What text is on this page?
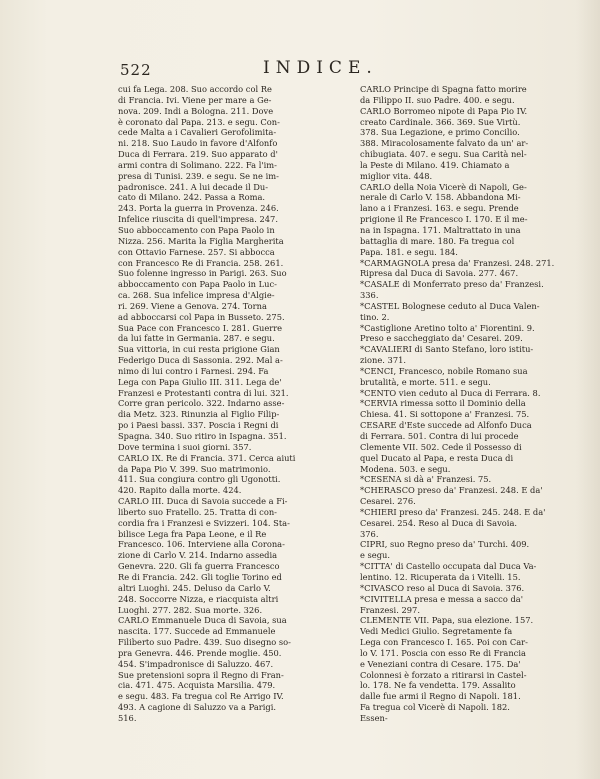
522	INDICE.
cui fa Lega. 208. Suo accordo col Re
di Francia. Ivi. Viene per mare a Ge-
nova. 209. Indi a Bologna. 211. Dove
è coronato dal Papa. 213. e segu. Con-
cede Malta a i Cavalieri Gerofolimita-
ni. 218. Suo Laudo in favore d'Alfonfo
Duca di Ferrara. 219. Suo apparato d'
armi contra di Solimano. 222. Fa l'im-
presa di Tunisi. 239. e segu. Se ne im-
padronisce. 241. A lui decade il Du-
cato di Milano. 242. Passa a Roma.
243. Porta la guerra in Provenza. 246.
Infelice riuscita di quell'impresa. 247.
Suo abboccamento con Papa Paolo in
Nizza. 256. Marita la Figlia Margherita
con Ottavio Farnese. 257. Si abbocca
con Francesco Re di Francia. 258. 261.
Suo folenne ingresso in Parigi. 263. Suo
abboccamento con Papa Paolo in Luc-
ca. 268. Sua infelice impresa d'Algie-
ri. 269. Viene a Genova. 274. Torna
ad abboccarsi col Papa in Busseto. 275.
Sua Pace con Francesco I. 281. Guerre
da lui fatte in Germania. 287. e segu.
Sua vittoria, in cui resta prigione Gian
Federigo Duca di Sassonia. 292. Mal a-
nimo di lui contro i Farnesi. 294. Fa
Lega con Papa Giulio III. 311. Lega de'
Franzesi e Protestanti contra di lui. 321.
Corre gran pericolo. 322. Indarno asse-
dia Metz. 323. Rinunzia al Figlio Filip-
po i Paesi bassi. 337. Poscia i Regni di
Spagna. 340. Suo ritiro in Ispagna. 351.
Dove termina i suoi giorni. 357.
CARLO IX. Re di Francia. 371. Cerca aiuti
da Papa Pio V. 399. Suo matrimonio.
411. Sua congiura contro gli Ugonotti.
420. Rapito dalla morte. 424.
CARLO III. Duca di Savoia succede a Fi-
liberto suo Fratello. 25. Tratta di con-
cordia fra i Franzesi e Svizzeri. 104. Sta-
bilisce Lega fra Papa Leone, e il Re
Francesco. 106. Interviene alla Corona-
zione di Carlo V. 214. Indarno assedia
Genevra. 220. Gli fa guerra Francesco
Re di Francia. 242. Gli toglie Torino ed
altri Luoghi. 245. Deluso da Carlo V.
248. Soccorre Nizza, e riacquista altri
Luoghi. 277. 282. Sua morte. 326.
CARLO Emmanuele Duca di Savoia, sua
nascita. 177. Succede ad Emmanuele
Filiberto suo Padre. 439. Suo disegno so-
pra Genevra. 446. Prende moglie. 450.
454. S'impadronisce di Saluzzo. 467.
Sue pretensioni sopra il Regno di Fran-
cia. 471. 475. Acquista Marsilia. 479.
e segu. 483. Fa tregua col Re Arrigo IV.
493. A cagione di Saluzzo va a Parigi.
516.
CARLO Principe di Spagna fatto morire
da Filippo II. suo Padre. 400. e segu.
CARLO Borromeo nipote di Papa Pio IV.
creato Cardinale. 366. 369. Sue Virtù.
378. Sua Legazione, e primo Concilio.
388. Miracolosamente falvato da un' ar-
chibugiata. 407. e segu. Sua Carità nel-
la Peste di Milano. 419. Chiamato a
miglior vita. 448.
CARLO della Noia Vicerè di Napoli, Ge-
nerale di Carlo V. 158. Abbandona Mi-
lano a i Franzesi. 163. e segu. Prende
prigione il Re Francesco I. 170. E il me-
na in Ispagna. 171. Maltrattato in una
battaglia di mare. 180. Fa tregua col
Papa. 181. e segu. 184.
*CARMAGNOLA presa da' Franzesi. 248. 271.
Ripresa dal Duca di Savoia. 277. 467.
*CASALE di Monferrato preso da' Franzesi.
336.
*CASTEL Bolognese ceduto al Duca Valen-
tino. 2.
*Castiglione Aretino tolto a' Fiorentini. 9.
Preso e saccheggiato da' Cesarei. 209.
*CAVALIERI di Santo Stefano, loro istitu-
zione. 371.
*CENCI, Francesco, nobile Romano sua
brutalità, e morte. 511. e segu.
*CENTO vien ceduto al Duca di Ferrara. 8.
*CERVIA rimessa sotto il Dominio della
Chiesa. 41. Si sottopone a' Franzesi. 75.
CESARE d'Este succede ad Alfonfo Duca
di Ferrara. 501. Contra di lui procede
Clemente VII. 502. Cede il Possesso di
quel Ducato al Papa, e resta Duca di
Modena. 503. e segu.
*CESENA si dà a' Franzesi. 75.
*CHERASCO preso da' Franzesi. 248. E da'
Cesarei. 276.
*CHIERI preso da' Franzesi. 245. 248. E da'
Cesarei. 254. Reso al Duca di Savoia.
376.
CIPRI, suo Regno preso da' Turchi. 409.
e segu.
*CITTA' di Castello occupata dal Duca Va-
lentino. 12. Ricuperata da i Vitelli. 15.
*CIVASCO reso al Duca di Savoia. 376.
*CIVITELLA presa e messa a sacco da'
Franzesi. 297.
CLEMENTE VII. Papa, sua elezione. 157.
Vedi Medici Giulio. Segretamente fa
Lega con Francesco I. 165. Poi con Car-
lo V. 171. Poscia con esso Re di Francia
e Veneziani contra di Cesare. 175. Da'
Colonnesi è forzato a ritirarsi in Castel-
lo. 178. Ne fa vendetta. 179. Assalito
dalle fue armi il Regno di Napoli. 181.
Fa tregua col Vicerè di Napoli. 182.
Essen-
